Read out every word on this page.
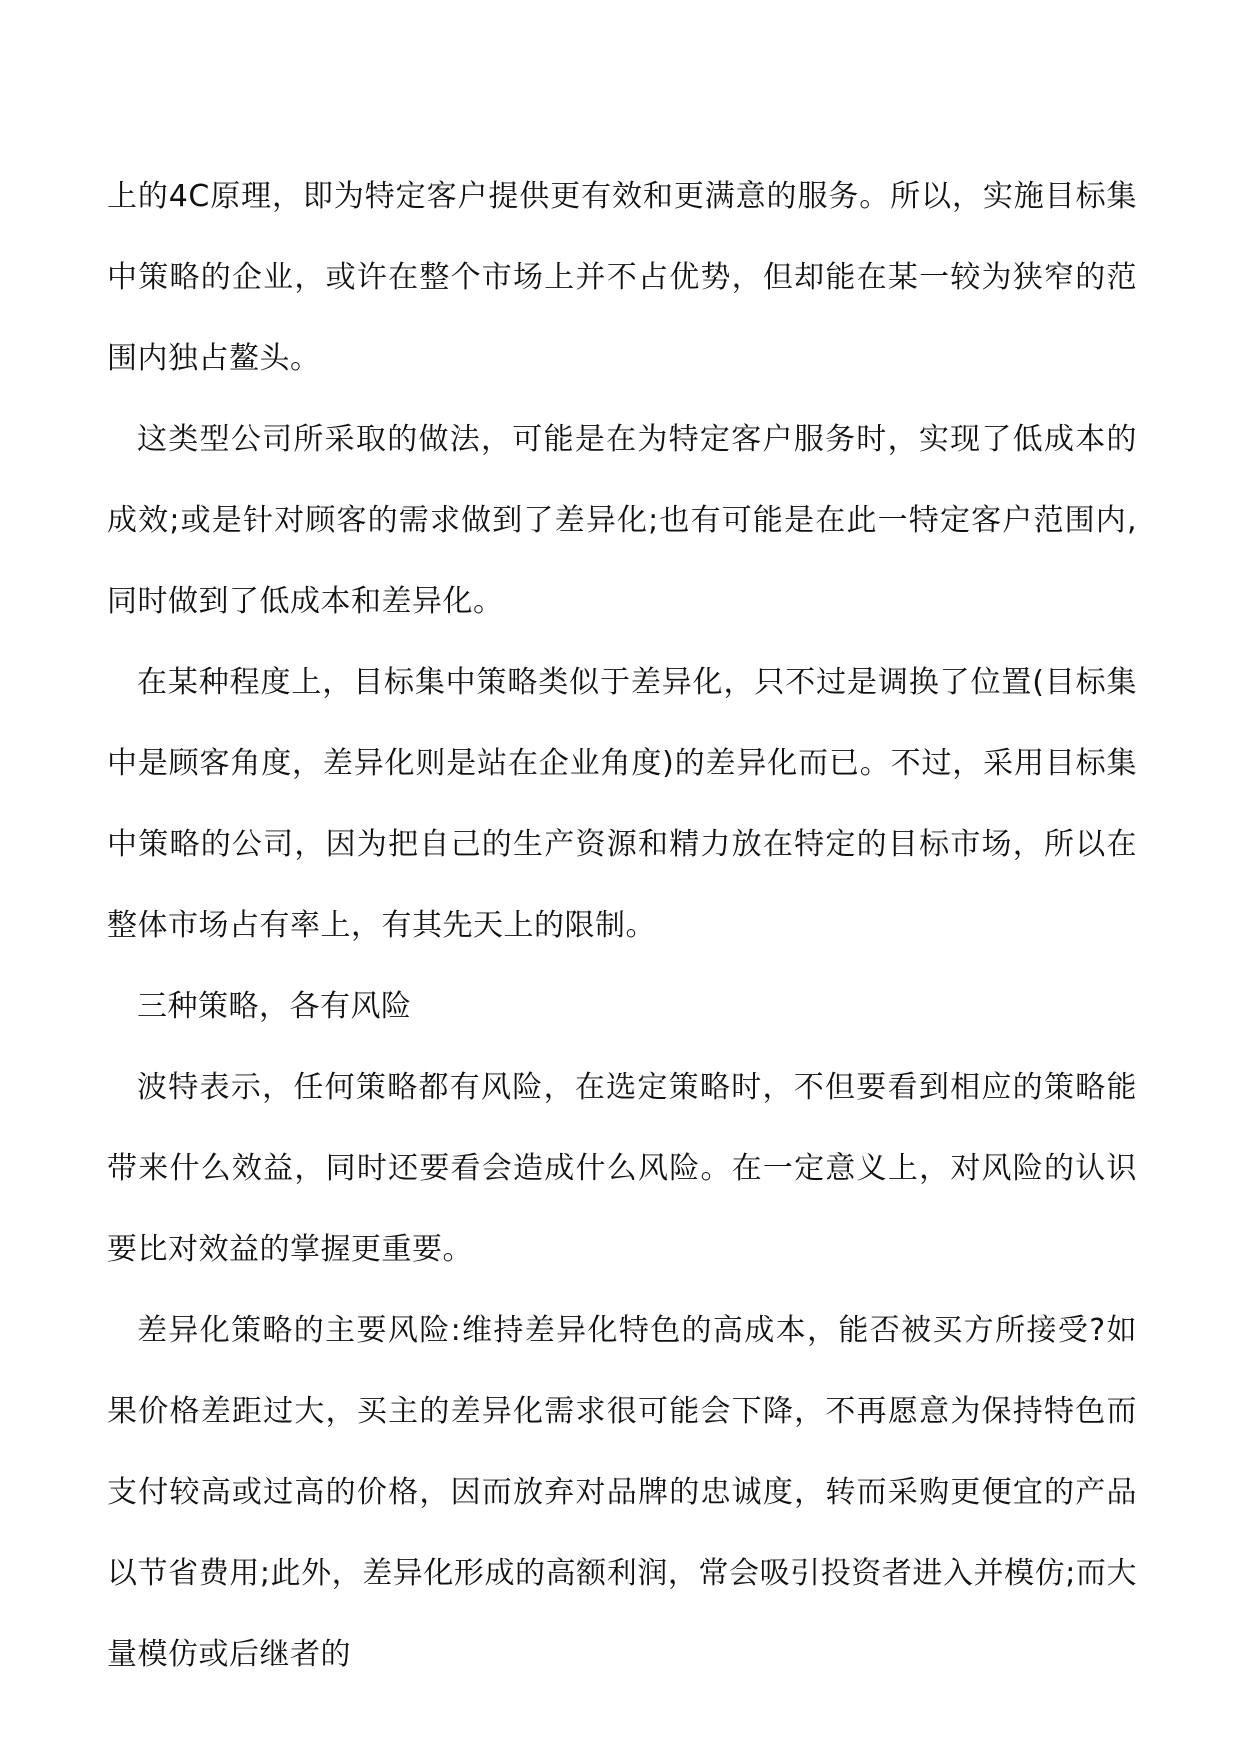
上的4C原理，即为特定客户提供更有效和更满意的服务。所以，实施目标集中策略的企业，或许在整个市场上并不占优势，但却能在某一较为狭窄的范围内独占鳌头。

这类型公司所采取的做法，可能是在为特定客户服务时，实现了低成本的成效;或是针对顾客的需求做到了差异化;也有可能是在此一特定客户范围内,同时做到了低成本和差异化。

在某种程度上，目标集中策略类似于差异化，只不过是调换了位置(目标集中是顾客角度，差异化则是站在企业角度)的差异化而已。不过，采用目标集中策略的公司，因为把自己的生产资源和精力放在特定的目标市场，所以在整体市场占有率上，有其先天上的限制。

三种策略，各有风险

波特表示，任何策略都有风险，在选定策略时，不但要看到相应的策略能带来什么效益，同时还要看会造成什么风险。在一定意义上，对风险的认识要比对效益的掌握更重要。

差异化策略的主要风险:维持差异化特色的高成本，能否被买方所接受?如果价格差距过大，买主的差异化需求很可能会下降，不再愿意为保持特色而支付较高或过高的价格，因而放弃对品牌的忠诚度，转而采购更便宜的产品以节省费用;此外，差异化形成的高额利润，常会吸引投资者进入并模仿;而大量模仿或后继者的
